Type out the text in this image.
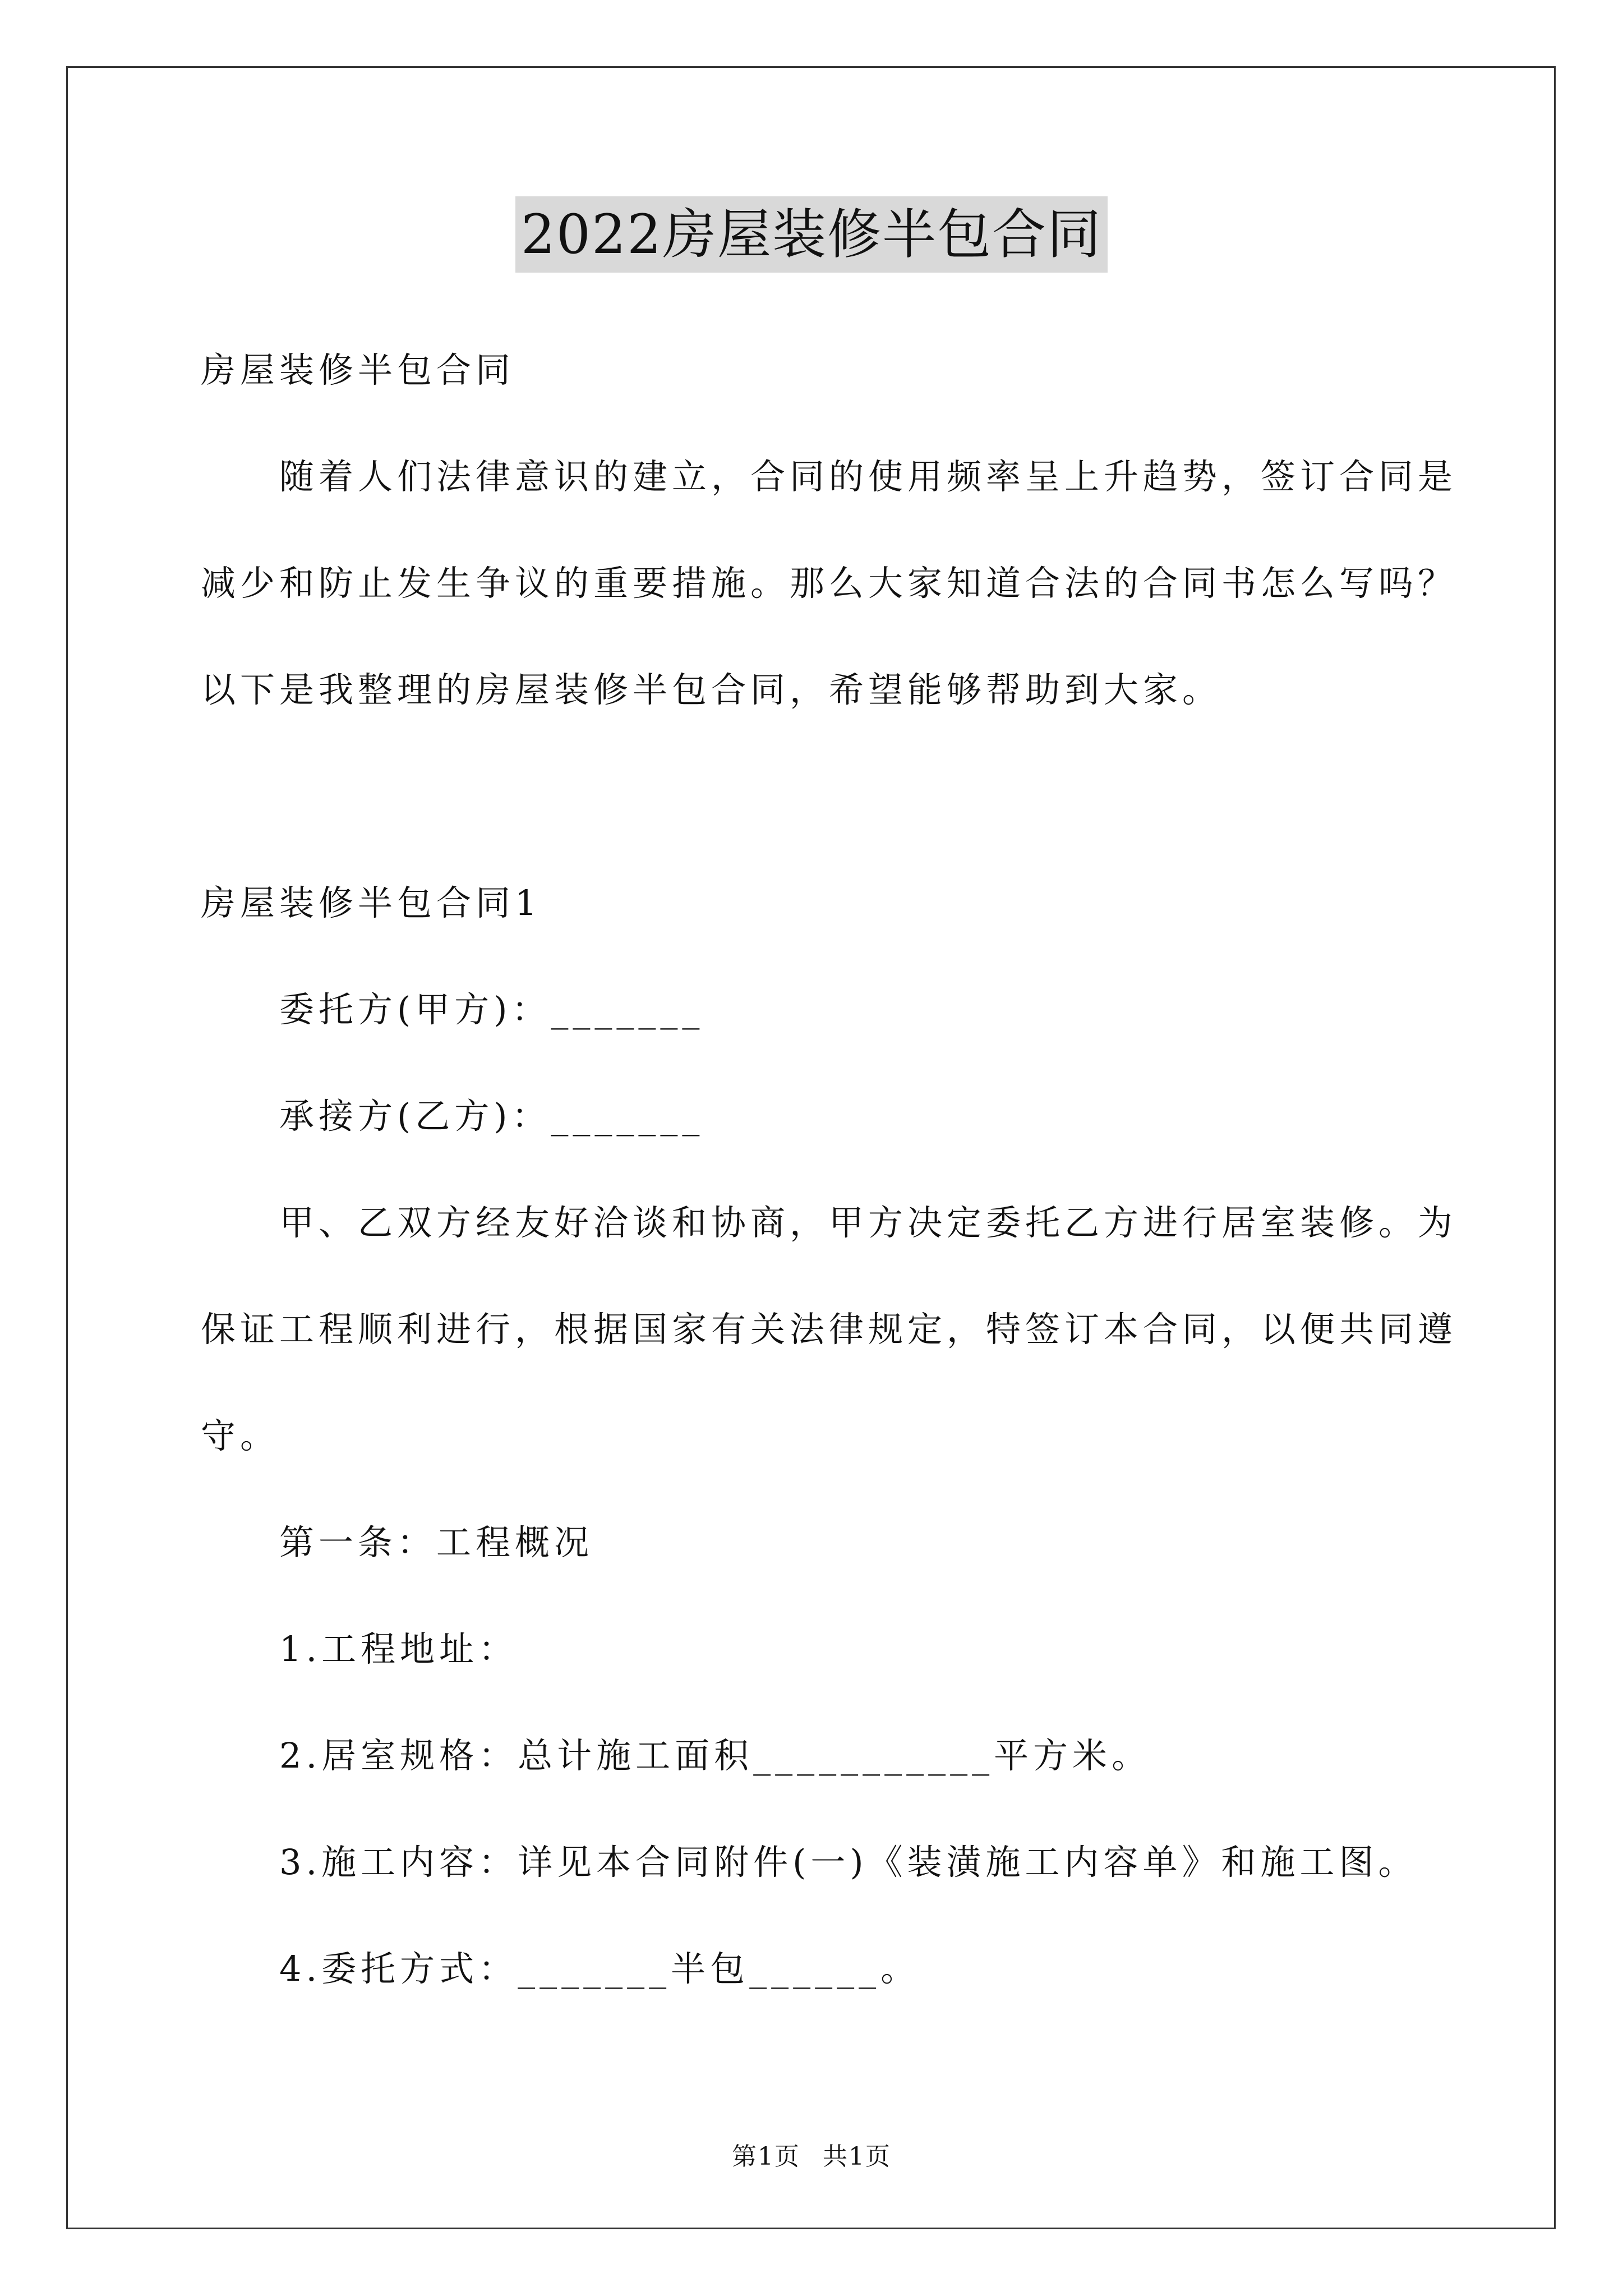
2022房屋装修半包合同

房屋装修半包合同

随着人们法律意识的建立，合同的使用频率呈上升趋势，签订合同是减少和防止发生争议的重要措施。那么大家知道合法的合同书怎么写吗？以下是我整理的房屋装修半包合同，希望能够帮助到大家。

房屋装修半包合同1

委托方(甲方)：_______

承接方(乙方)：_______

甲、乙双方经友好洽谈和协商，甲方决定委托乙方进行居室装修。为保证工程顺利进行，根据国家有关法律规定，特签订本合同，以便共同遵守。

第一条：工程概况

1.工程地址：

2.居室规格：总计施工面积___________平方米。

3.施工内容：详见本合同附件(一)《装潢施工内容单》和施工图。

4.委托方式：_______半包______。

第1页 共1页
